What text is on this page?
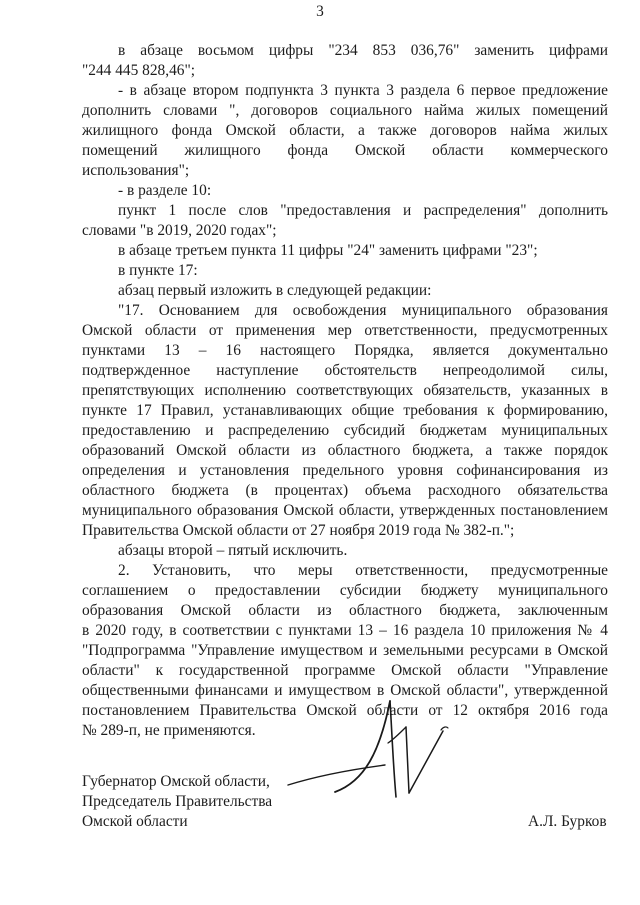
3
в абзаце восьмом цифры "234 853 036,76" заменить цифрами
"244 445 828,46";
- в абзаце втором подпункта 3 пункта 3 раздела 6 первое предложение
дополнить словами ", договоров социального найма жилых помещений
жилищного фонда Омской области, а также договоров найма жилых
помещений жилищного фонда Омской области коммерческого
использования";
- в разделе 10:
пункт 1 после слов "предоставления и распределения" дополнить
словами "в 2019, 2020 годах";
в абзаце третьем пункта 11 цифры "24" заменить цифрами "23";
в пункте 17:
абзац первый изложить в следующей редакции:
"17. Основанием для освобождения муниципального образования
Омской области от применения мер ответственности, предусмотренных
пунктами 13 – 16 настоящего Порядка, является документально
подтвержденное наступление обстоятельств непреодолимой силы,
препятствующих исполнению соответствующих обязательств, указанных в
пункте 17 Правил, устанавливающих общие требования к формированию,
предоставлению и распределению субсидий бюджетам муниципальных
образований Омской области из областного бюджета, а также порядок
определения и установления предельного уровня софинансирования из
областного бюджета (в процентах) объема расходного обязательства
муниципального образования Омской области, утвержденных постановлением
Правительства Омской области от 27 ноября 2019 года № 382-п.";
абзацы второй – пятый исключить.
2. Установить, что меры ответственности, предусмотренные
соглашением о предоставлении субсидии бюджету муниципального
образования Омской области из областного бюджета, заключенным
в 2020 году, в соответствии с пунктами 13 – 16 раздела 10 приложения № 4
"Подпрограмма "Управление имуществом и земельными ресурсами в Омской
области" к государственной программе Омской области "Управление
общественными финансами и имуществом в Омской области", утвержденной
постановлением Правительства Омской области от 12 октября 2016 года
№ 289-п, не применяются.
Губернатор Омской области,
Председатель Правительства
Омской области	А.Л. Бурков
